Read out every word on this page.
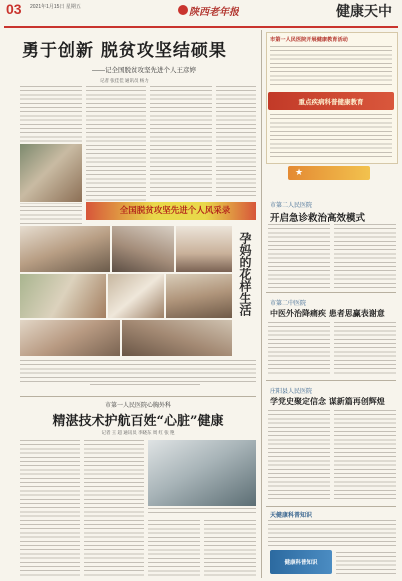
03 2021年1月15日 星期五	陕西老年报	健康天中
勇于创新 脱贫攻坚结硕果
——记全国脱贫攻坚先进个人王彦婷
记者 张佳佳 通讯员 杨力
全国脱贫攻坚先进个人风采录
孕妈的花样生活
市第一人民医院心胸外科
精湛技术护航百姓“心脏”健康
记者 王 超 通讯员 李晓东 周 红 张 艳
市第一人民医院开展健康教育活动
重点疾病科普健康教育
★
市第二人民医院
开启急诊救治高效模式
市第二中医院
中医外治降痛疾 患者思赢表谢意
庄阳县人民医院
学党史聚定信念 谋新篇再创辉煌
天健康科普知识
健康科普知识
